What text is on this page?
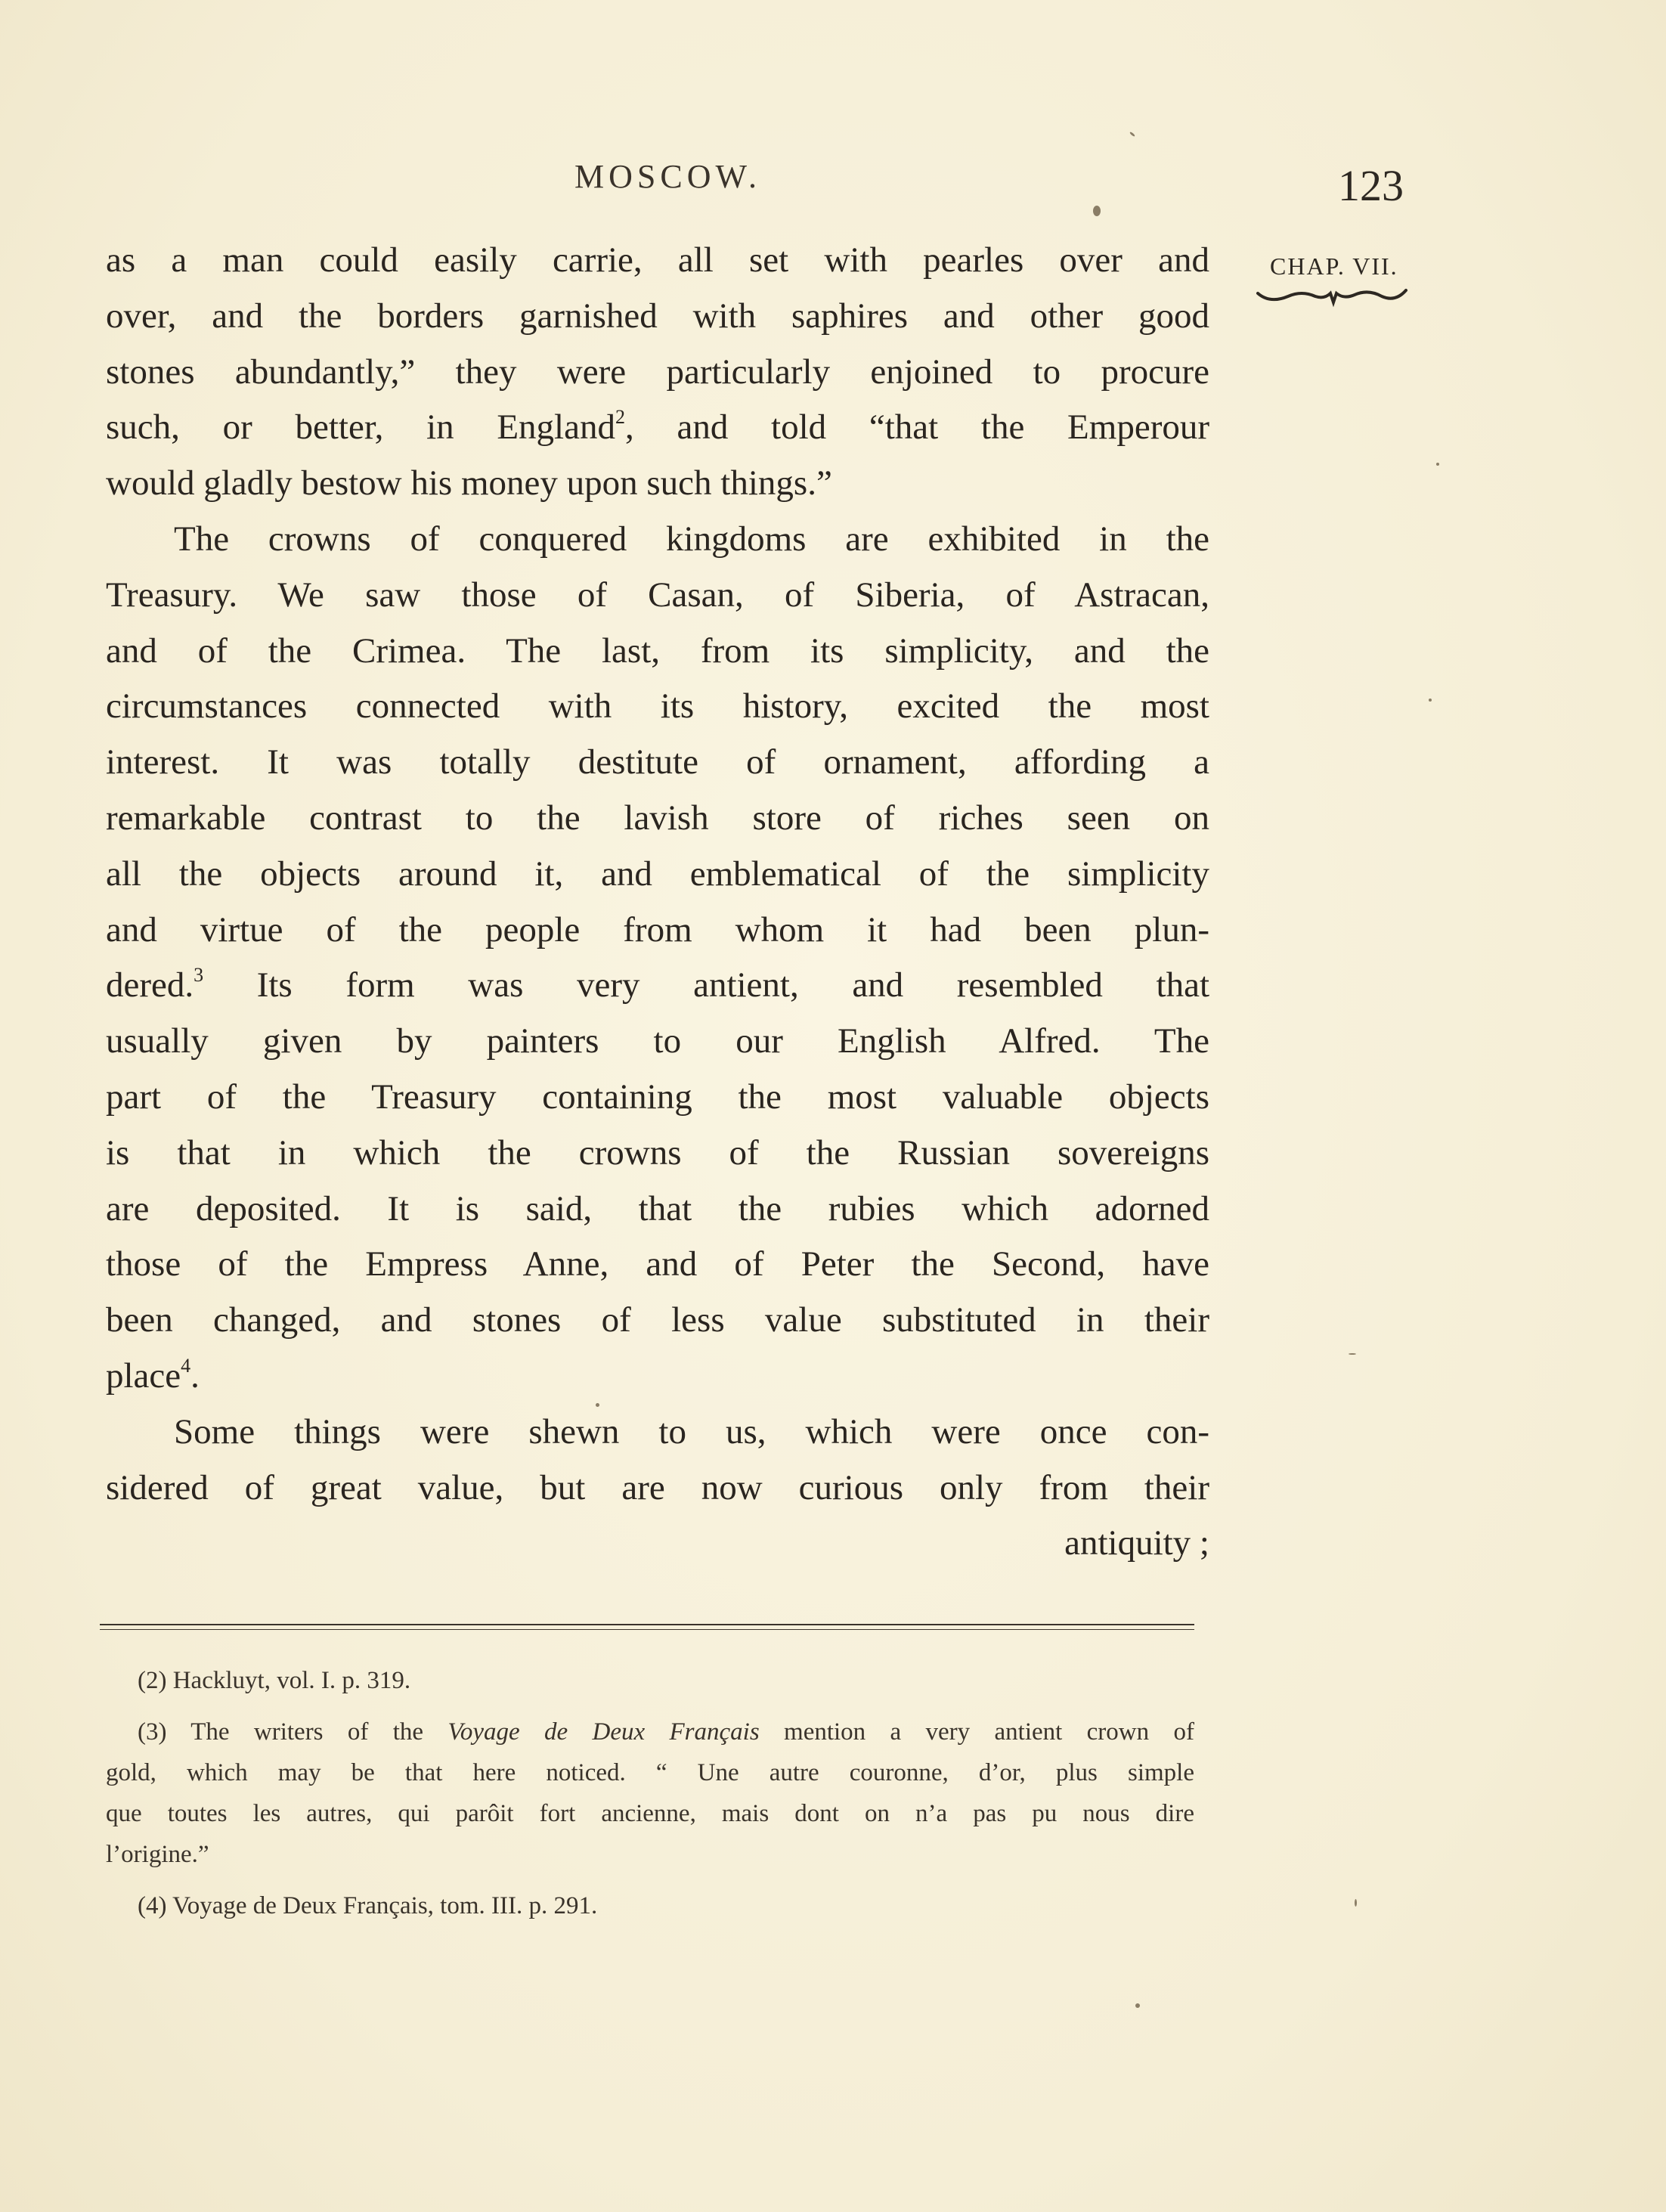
MOSCOW.	123
CHAP. VII.
as a man could easily carrie, all set with pearles over and
over, and the borders garnished with saphires and other good
stones abundantly,” they were particularly enjoined to procure
such, or better, in England$^2$, and told “that the Emperour
would gladly bestow his money upon such things.”
The crowns of conquered kingdoms are exhibited in the
Treasury. We saw those of Casan, of Siberia, of Astracan,
and of the Crimea. The last, from its simplicity, and the
circumstances connected with its history, excited the most
interest. It was totally destitute of ornament, affording a
remarkable contrast to the lavish store of riches seen on
all the objects around it, and emblematical of the simplicity
and virtue of the people from whom it had been plun-
dered.$^3$ Its form was very antient, and resembled that
usually given by painters to our English Alfred. The
part of the Treasury containing the most valuable objects
is that in which the crowns of the Russian sovereigns
are deposited. It is said, that the rubies which adorned
those of the Empress Anne, and of Peter the Second, have
been changed, and stones of less value substituted in their
place$^4$.
Some things were shewn to us, which were once con-
sidered of great value, but are now curious only from their
antiquity ;
(2) Hackluyt, vol. I. p. 319.
(3) The writers of the Voyage de Deux Français mention a very antient crown of
gold, which may be that here noticed. “ Une autre couronne, d’or, plus simple
que toutes les autres, qui parôit fort ancienne, mais dont on n’a pas pu nous dire
l’origine.”
(4) Voyage de Deux Français, tom. III. p. 291.
